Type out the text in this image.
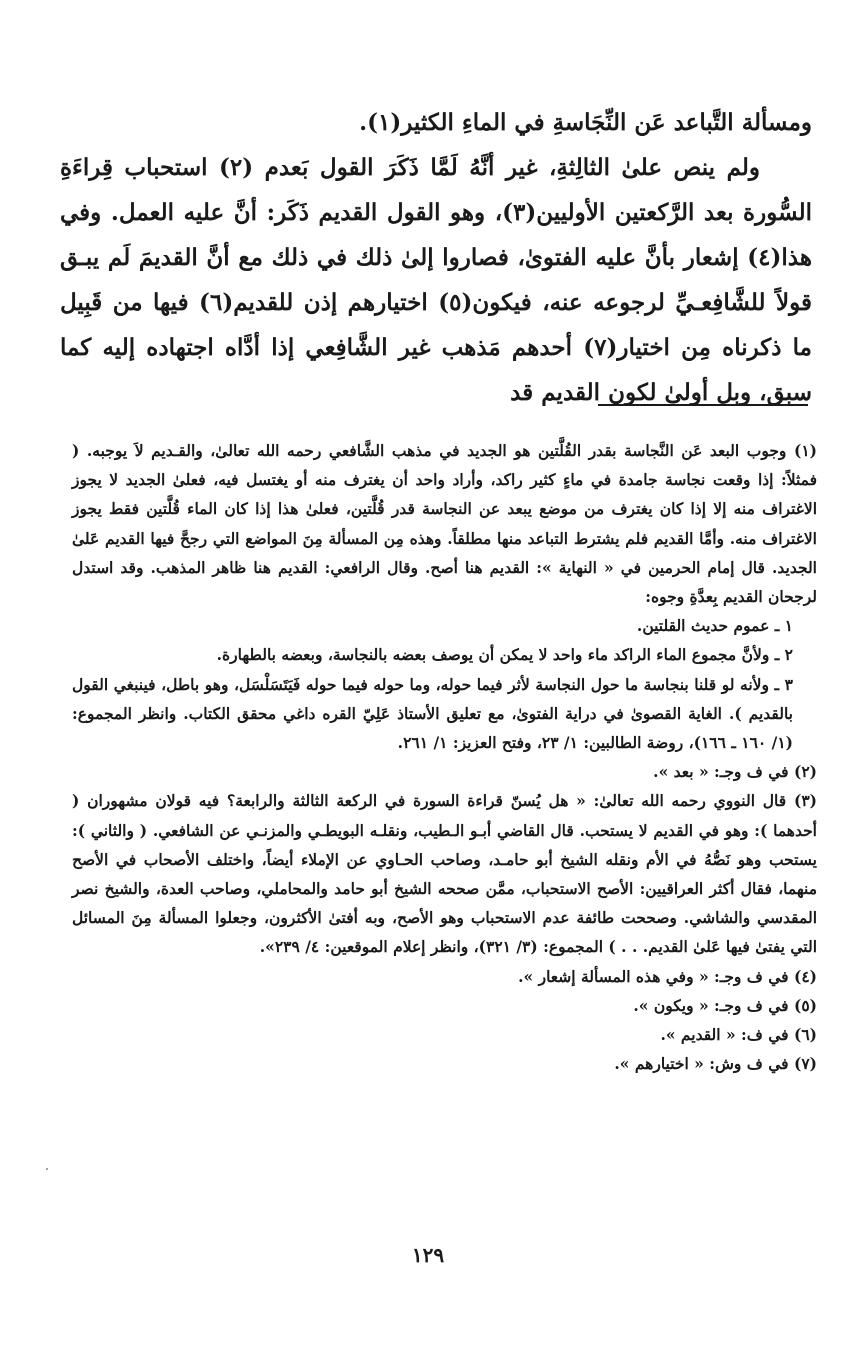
ومسألة التَّباعد عَن النِّجَاسةِ في الماءِ الكثير(١).

ولم ينص علىٰ الثالِثةِ، غير أنَّهُ لَمَّا ذَكَرَ القول بَعدم (٢) استحباب قِراءَةِ السُّورة بعد الرَّكعتين الأوليين(٣)، وهو القول القديم ذَكَر: أنَّ عليه العمل. وفي هذا(٤) إشعار بأنَّ عليه الفتوىٰ، فصاروا إلىٰ ذلك في ذلك مع أنَّ القديمَ لَم يبـق قولاً للشَّافِعـيِّ لرجوعه عنه، فيكون(٥) اختيارهم إذن للقديم(٦) فيها من قَبِيل ما ذكرناه مِن اختيار(٧) أحدهم مَذهب غير الشَّافِعي إذا أدَّاه اجتهاده إليه كما سبق، وبل أولىٰ لكون القديم قد

(١) وجوب البعد عَن النَّجاسة بقدر القُلَّتين هو الجديد في مذهب الشَّافعي رحمه الله تعالىٰ، والقـديم لاَ يوجبه. ( فمثلاً: إذا وقعت نجاسة جامدة في ماءٍ كثير راكد، وأراد واحد أن يغترف منه أو يغتسل فيه، فعلىٰ الجديد لا يجوز الاغتراف منه إلا إذا كان يغترف من موضع يبعد عن النجاسة قدر قُلَّتين، فعلىٰ هذا إذا كان الماء قُلَّتين فقط يجوز الاغتراف منه. وأمَّا القديم فلم يشترط التباعد منها مطلقاً. وهذه مِن المسألة مِنَ المواضع التي رجحَّ فيها القديم عَلىٰ الجديد. قال إمام الحرمين في « النهاية »: القديم هنا أصح. وقال الرافعي: القديم هنا ظاهر المذهب. وقد استدل لرجحان القديم بِعدَّةِ وجوه:
١ ـ عموم حديث القلتين.
٢ ـ ولأنَّ مجموع الماء الراكد ماء واحد لا يمكن أن يوصف بعضه بالنجاسة، وبعضه بالطهارة.
٣ ـ ولأنه لو قلنا بنجاسة ما حول النجاسة لأثر فيما حوله، وما حوله فيما حوله فَيَتَسَلْسَل، وهو باطل، فينبغي القول بالقديم ). الغاية القصوىٰ في دراية الفتوىٰ، مع تعليق الأستاذ عَلِيّ القره داغي محقق الكتاب. وانظر المجموع: (١/ ١٦٠ ـ ١٦٦)، روضة الطالبين: ١/ ٢٣، وفتح العزيز: ١/ ٢٦١.
(٢) في ف وجـ: « بعد ».
(٣) قال النووي رحمه الله تعالىٰ: « هل يُسنّ قراءة السورة في الركعة الثالثة والرابعة؟ فيه قولان مشهوران ( أحدهما ): وهو في القديم لا يستحب. قال القاضي أبـو الـطيب، ونقلـه البويطـي والمزنـي عن الشافعي. ( والثاني ): يستحب وهو نَصُّهُ في الأم ونقله الشيخ أبو حامـد، وصاحب الحـاوي عن الإملاء أيضاً، واختلف الأصحاب في الأصح منهما، فقال أكثر العراقيين: الأصح الاستحباب، ممَّن صححه الشيخ أبو حامد والمحاملي، وصاحب العدة، والشيخ نصر المقدسي والشاشي. وصححت طائفة عدم الاستحباب وهو الأصح، وبه أفتىٰ الأكثرون، وجعلوا المسألة مِنَ المسائل التي يفتىٰ فيها عَلىٰ القديم. . . ) المجموع: (٣/ ٣٢١)، وانظر إعلام الموقعين: ٤/ ٢٣٩».
(٤) في ف وجـ: « وفي هذه المسألة إشعار ».
(٥) في ف وجـ: « ويكون ».
(٦) في ف: « القديم ».
(٧) في ف وش: « اختيارهم ».
١٢٩
